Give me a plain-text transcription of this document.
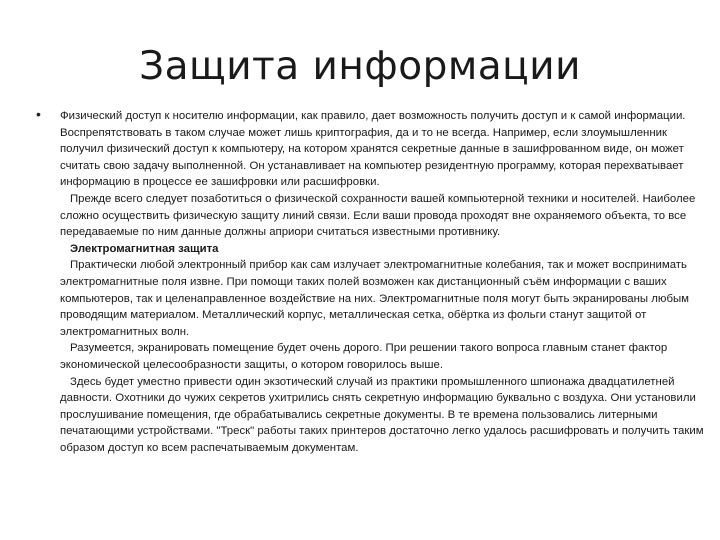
Защита информации
• Физический доступ к носителю информации, как правило, дает возможность получить доступ и к самой информации. Воспрепятствовать в таком случае может лишь криптография, да и то не всегда. Например, если злоумышленник получил физический доступ к компьютеру, на котором хранятся секретные данные в зашифрованном виде, он может считать свою задачу выполненной. Он устанавливает на компьютер резидентную программу, которая перехватывает информацию в процессе ее зашифровки или расшифровки.

Прежде всего следует позаботиться о физической сохранности вашей компьютерной техники и носителей. Наиболее сложно осуществить физическую защиту линий связи. Если ваши провода проходят вне охраняемого объекта, то все передаваемые по ним данные должны априори считаться известными противнику.

Электромагнитная защита

Практически любой электронный прибор как сам излучает электромагнитные колебания, так и может воспринимать электромагнитные поля извне. При помощи таких полей возможен как дистанционный съём информации с ваших компьютеров, так и целенаправленное воздействие на них. Электромагнитные поля могут быть экранированы любым проводящим материалом. Металлический корпус, металлическая сетка, обёртка из фольги станут защитой от электромагнитных волн.

Разумеется, экранировать помещение будет очень дорого. При решении такого вопроса главным станет фактор экономической целесообразности защиты, о котором говорилось выше.

Здесь будет уместно привести один экзотический случай из практики промышленного шпионажа двадцатилетней давности. Охотники до чужих секретов ухитрились снять секретную информацию буквально с воздуха. Они установили прослушивание помещения, где обрабатывались секретные документы. В те времена пользовались литерными печатающими устройствами. "Треск" работы таких принтеров достаточно легко удалось расшифровать и получить таким образом доступ ко всем распечатываемым документам.
